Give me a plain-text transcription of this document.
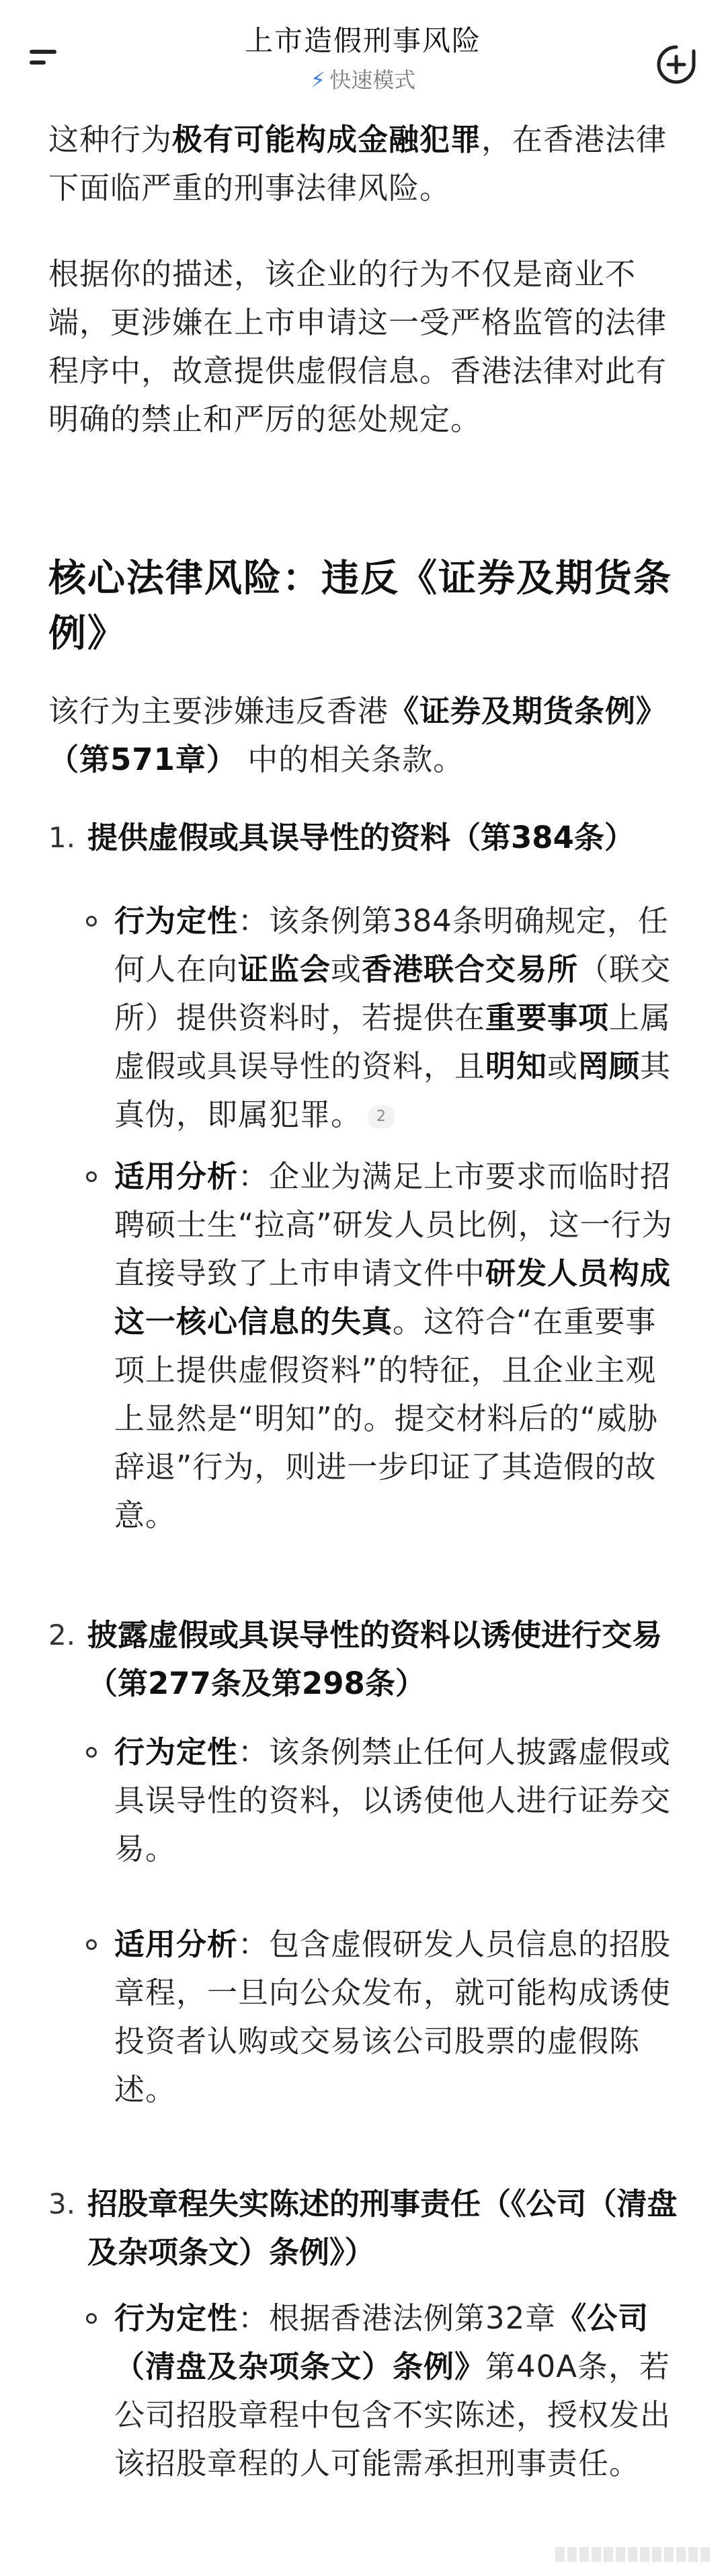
上市造假刑事风险
⚡ 快速模式
这种行为极有可能构成金融犯罪，在香港法律下面临严重的刑事法律风险。
根据你的描述，该企业的行为不仅是商业不端，更涉嫌在上市申请这一受严格监管的法律程序中，故意提供虚假信息。香港法律对此有明确的禁止和严厉的惩处规定。
核心法律风险：违反《证券及期货条例》
该行为主要涉嫌违反香港《证券及期货条例》（第571章） 中的相关条款。
1. 提供虚假或具误导性的资料（第384条）
行为定性：该条例第384条明确规定，任何人在向证监会或香港联合交易所（联交所）提供资料时，若提供在重要事项上属虚假或具误导性的资料，且明知或罔顾其真伪，即属犯罪。 2
适用分析：企业为满足上市要求而临时招聘硕士生“拉高”研发人员比例，这一行为直接导致了上市申请文件中研发人员构成这一核心信息的失真。这符合“在重要事项上提供虚假资料”的特征，且企业主观上显然是“明知”的。提交材料后的“威胁辞退”行为，则进一步印证了其造假的故意。
2. 披露虚假或具误导性的资料以诱使进行交易（第277条及第298条）
行为定性：该条例禁止任何人披露虚假或具误导性的资料，以诱使他人进行证券交易。
适用分析：包含虚假研发人员信息的招股章程，一旦向公众发布，就可能构成诱使投资者认购或交易该公司股票的虚假陈述。
3. 招股章程失实陈述的刑事责任（《公司（清盘及杂项条文）条例》）
行为定性：根据香港法例第32章《公司（清盘及杂项条文）条例》第40A条，若公司招股章程中包含不实陈述，授权发出该招股章程的人可能需承担刑事责任。
